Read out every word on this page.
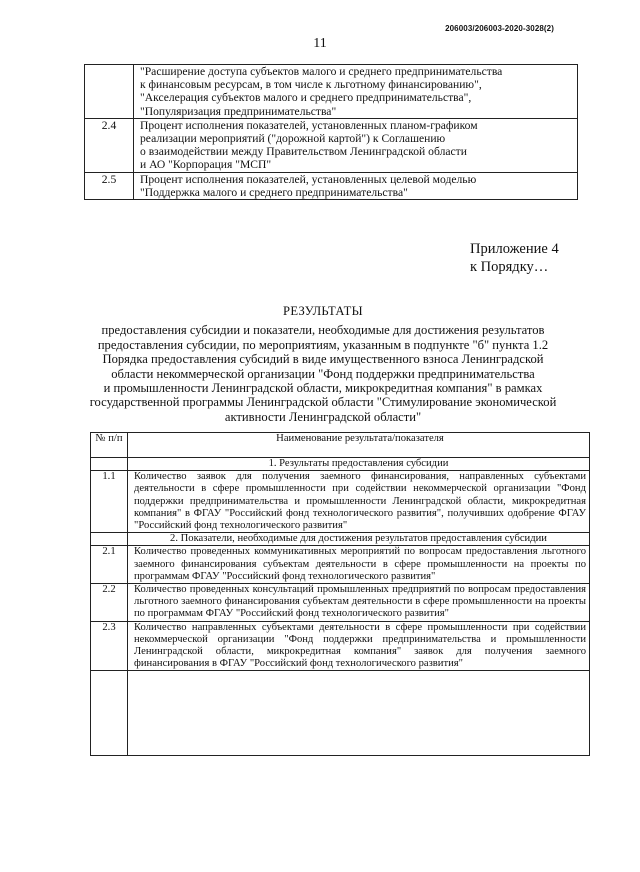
206003/206003-2020-3028(2)
11

	"Расширение доступа субъектов малого и среднего предпринимательства
к финансовым ресурсам, в том числе к льготному финансированию",
"Акселерация субъектов малого и среднего предпринимательства",
"Популяризация предпринимательства"

2.4	Процент исполнения показателей, установленных планом-графиком
реализации мероприятий ("дорожной картой") к Соглашению
о взаимодействии между Правительством Ленинградской области
и АО "Корпорация "МСП"

2.5	Процент исполнения показателей, установленных целевой моделью
"Поддержка малого и среднего предпринимательства"
Приложение 4
к Порядку…
РЕЗУЛЬТАТЫ
предоставления субсидии и показатели, необходимые для достижения результатов
предоставления субсидии, по мероприятиям, указанным в подпункте "б" пункта 1.2
Порядка предоставления субсидий в виде имущественного взноса Ленинградской
области некоммерческой организации "Фонд поддержки предпринимательства
и промышленности Ленинградской области, микрокредитная компания" в рамках
государственной программы Ленинградской области "Стимулирование экономической
активности Ленинградской области"
№ п/п	Наименование результата/показателя
	1. Результаты предоставления субсидии
1.1	Количество заявок для получения заемного финансирования, направленных субъектами деятельности в сфере промышленности при содействии некоммерческой организации "Фонд поддержки предпринимательства и промышленности Ленинградской области, микрокредитная компания" в ФГАУ "Российский фонд технологического развития", получивших одобрение ФГАУ "Российский фонд технологического развития"
	2. Показатели, необходимые для достижения результатов предоставления субсидии
2.1	Количество проведенных коммуникативных мероприятий по вопросам предоставления льготного заемного финансирования субъектам деятельности в сфере промышленности на проекты по программам ФГАУ "Российский фонд технологического развития"
2.2	Количество проведенных консультаций промышленных предприятий по вопросам предоставления льготного заемного финансирования субъектам деятельности в сфере промышленности на проекты по программам ФГАУ "Российский фонд технологического развития"
2.3	Количество направленных субъектами деятельности в сфере промышленности при содействии некоммерческой организации "Фонд поддержки предпринимательства и промышленности Ленинградской области, микрокредитная компания" заявок для получения заемного финансирования в ФГАУ "Российский фонд технологического развития"
